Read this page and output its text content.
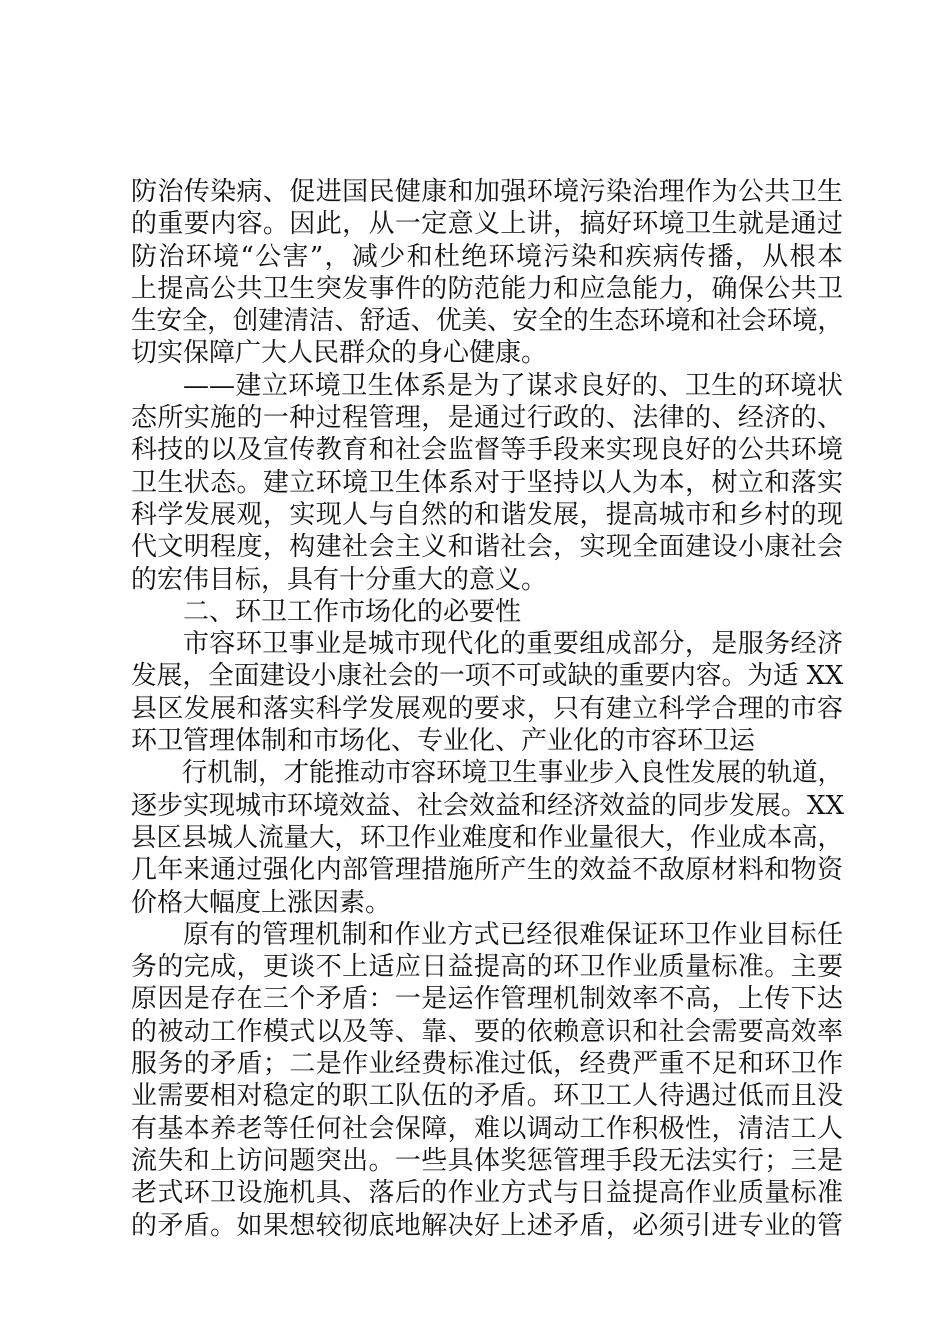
防治传染病、促进国民健康和加强环境污染治理作为公共卫生
的重要内容。因此，从一定意义上讲，搞好环境卫生就是通过
防治环境“公害”，减少和杜绝环境污染和疾病传播，从根本
上提高公共卫生突发事件的防范能力和应急能力，确保公共卫
生安全，创建清洁、舒适、优美、安全的生态环境和社会环境，
切实保障广大人民群众的身心健康。
——建立环境卫生体系是为了谋求良好的、卫生的环境状
态所实施的一种过程管理，是通过行政的、法律的、经济的、
科技的以及宣传教育和社会监督等手段来实现良好的公共环境
卫生状态。建立环境卫生体系对于坚持以人为本，树立和落实
科学发展观，实现人与自然的和谐发展，提高城市和乡村的现
代文明程度，构建社会主义和谐社会，实现全面建设小康社会
的宏伟目标，具有十分重大的意义。
二、环卫工作市场化的必要性
市容环卫事业是城市现代化的重要组成部分，是服务经济
发展，全面建设小康社会的一项不可或缺的重要内容。为适 XX
县区发展和落实科学发展观的要求，只有建立科学合理的市容
环卫管理体制和市场化、专业化、产业化的市容环卫运
行机制，才能推动市容环境卫生事业步入良性发展的轨道，
逐步实现城市环境效益、社会效益和经济效益的同步发展。XX
县区县城人流量大，环卫作业难度和作业量很大，作业成本高，
几年来通过强化内部管理措施所产生的效益不敌原材料和物资
价格大幅度上涨因素。
原有的管理机制和作业方式已经很难保证环卫作业目标任
务的完成，更谈不上适应日益提高的环卫作业质量标准。主要
原因是存在三个矛盾：一是运作管理机制效率不高，上传下达
的被动工作模式以及等、靠、要的依赖意识和社会需要高效率
服务的矛盾；二是作业经费标准过低，经费严重不足和环卫作
业需要相对稳定的职工队伍的矛盾。环卫工人待遇过低而且没
有基本养老等任何社会保障，难以调动工作积极性，清洁工人
流失和上访问题突出。一些具体奖惩管理手段无法实行；三是
老式环卫设施机具、落后的作业方式与日益提高作业质量标准
的矛盾。如果想较彻底地解决好上述矛盾，必须引进专业的管
